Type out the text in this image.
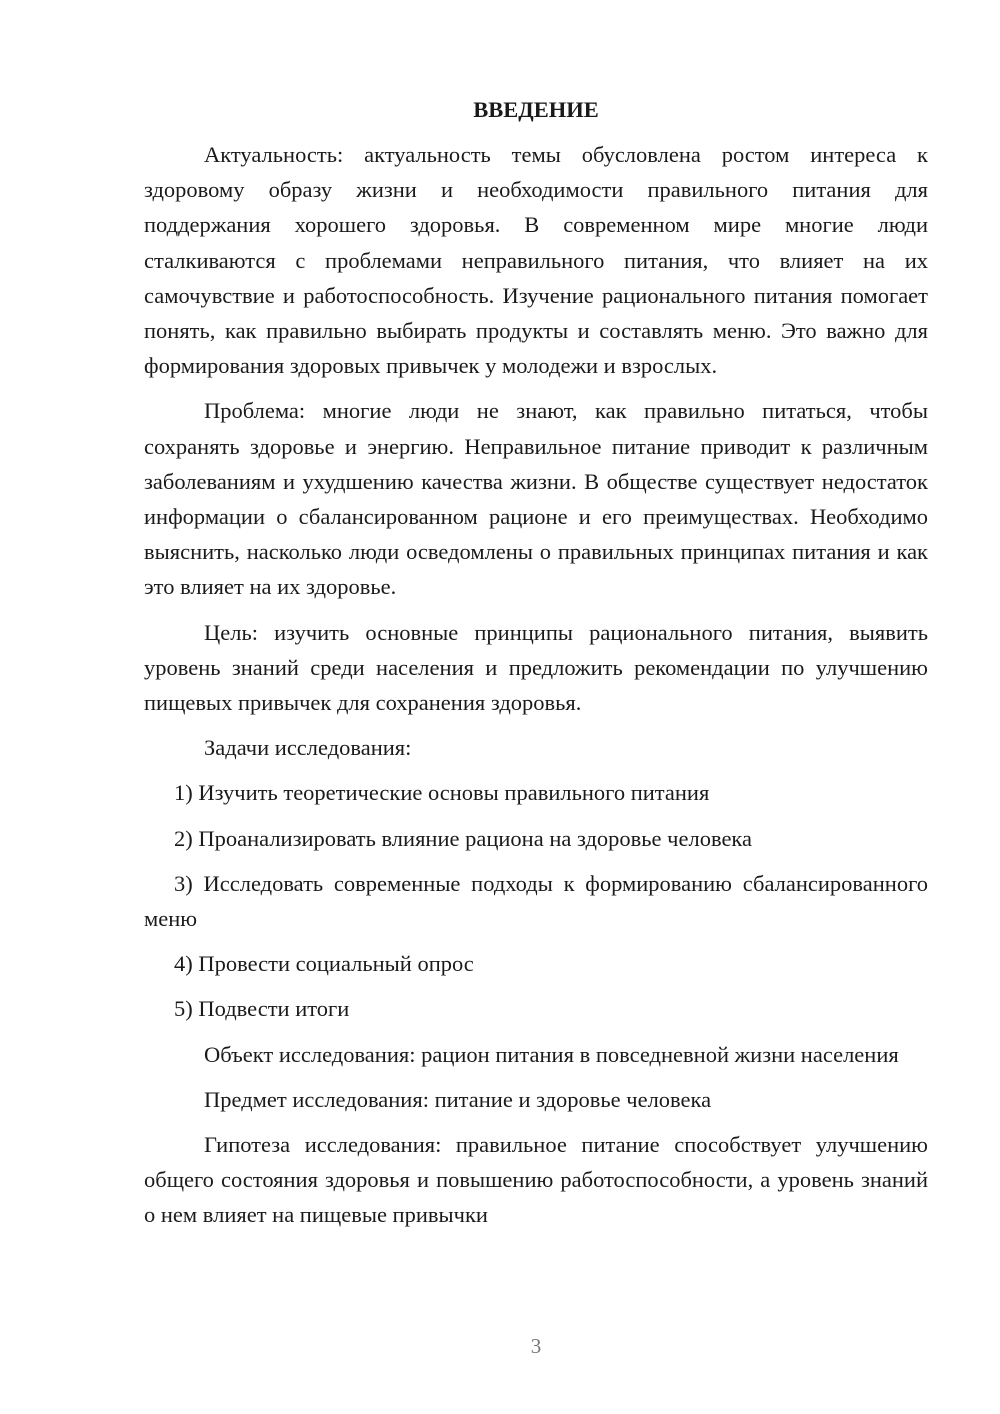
ВВЕДЕНИЕ
Актуальность: актуальность темы обусловлена ростом интереса к здоровому образу жизни и необходимости правильного питания для поддержания хорошего здоровья. В современном мире многие люди сталкиваются с проблемами неправильного питания, что влияет на их самочувствие и работоспособность. Изучение рационального питания помогает понять, как правильно выбирать продукты и составлять меню. Это важно для формирования здоровых привычек у молодежи и взрослых.
Проблема: многие люди не знают, как правильно питаться, чтобы сохранять здоровье и энергию. Неправильное питание приводит к различным заболеваниям и ухудшению качества жизни. В обществе существует недостаток информации о сбалансированном рационе и его преимуществах. Необходимо выяснить, насколько люди осведомлены о правильных принципах питания и как это влияет на их здоровье.
Цель: изучить основные принципы рационального питания, выявить уровень знаний среди населения и предложить рекомендации по улучшению пищевых привычек для сохранения здоровья.
Задачи исследования:
1) Изучить теоретические основы правильного питания
2) Проанализировать влияние рациона на здоровье человека
3) Исследовать современные подходы к формированию сбалансированного меню
4) Провести социальный опрос
5) Подвести итоги
Объект исследования: рацион питания в повседневной жизни населения
Предмет исследования: питание и здоровье человека
Гипотеза исследования: правильное питание способствует улучшению общего состояния здоровья и повышению работоспособности, а уровень знаний о нем влияет на пищевые привычки
3
